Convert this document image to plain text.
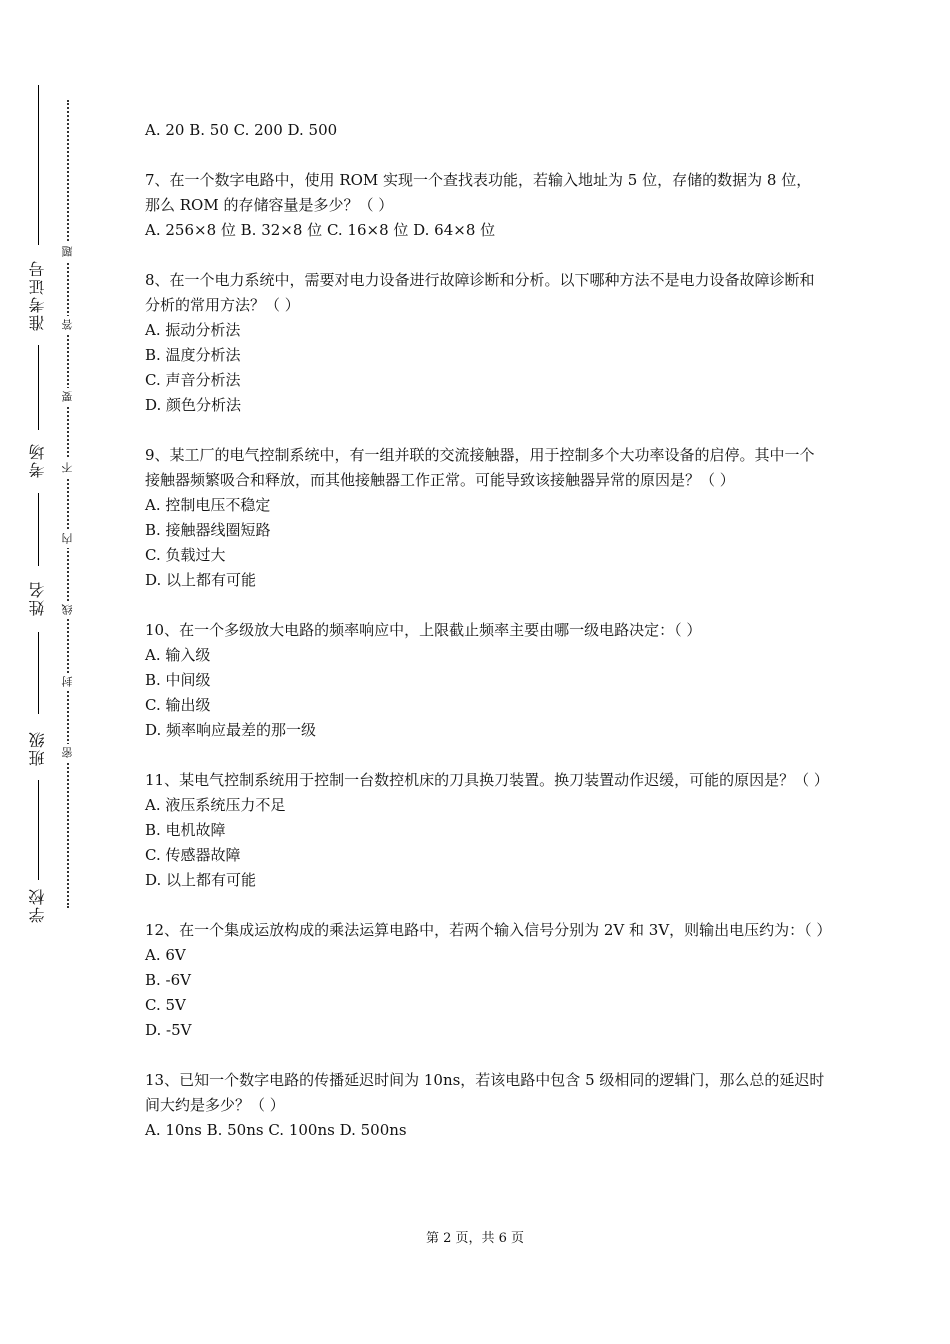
准考证号
考场
姓名
班级
学校
题
答
要
不
内
线
封
密
A. 20 B. 50 C. 200 D. 500
7、在一个数字电路中，使用 ROM 实现一个查找表功能，若输入地址为 5 位，存储的数据为 8 位，那么 ROM 的存储容量是多少？（ ）
A. 256×8 位 B. 32×8 位 C. 16×8 位 D. 64×8 位
8、在一个电力系统中，需要对电力设备进行故障诊断和分析。以下哪种方法不是电力设备故障诊断和分析的常用方法？（ ）
A. 振动分析法
B. 温度分析法
C. 声音分析法
D. 颜色分析法
9、某工厂的电气控制系统中，有一组并联的交流接触器，用于控制多个大功率设备的启停。其中一个接触器频繁吸合和释放，而其他接触器工作正常。可能导致该接触器异常的原因是？（ ）
A. 控制电压不稳定
B. 接触器线圈短路
C. 负载过大
D. 以上都有可能
10、在一个多级放大电路的频率响应中，上限截止频率主要由哪一级电路决定：（ ）
A. 输入级
B. 中间级
C. 输出级
D. 频率响应最差的那一级
11、某电气控制系统用于控制一台数控机床的刀具换刀装置。换刀装置动作迟缓，可能的原因是？（ ）
A. 液压系统压力不足
B. 电机故障
C. 传感器故障
D. 以上都有可能
12、在一个集成运放构成的乘法运算电路中，若两个输入信号分别为 2V 和 3V，则输出电压约为：（ ）
A. 6V
B. -6V
C. 5V
D. -5V
13、已知一个数字电路的传播延迟时间为 10ns，若该电路中包含 5 级相同的逻辑门，那么总的延迟时间大约是多少？（ ）
A. 10ns B. 50ns C. 100ns D. 500ns
第 2 页，共 6 页
